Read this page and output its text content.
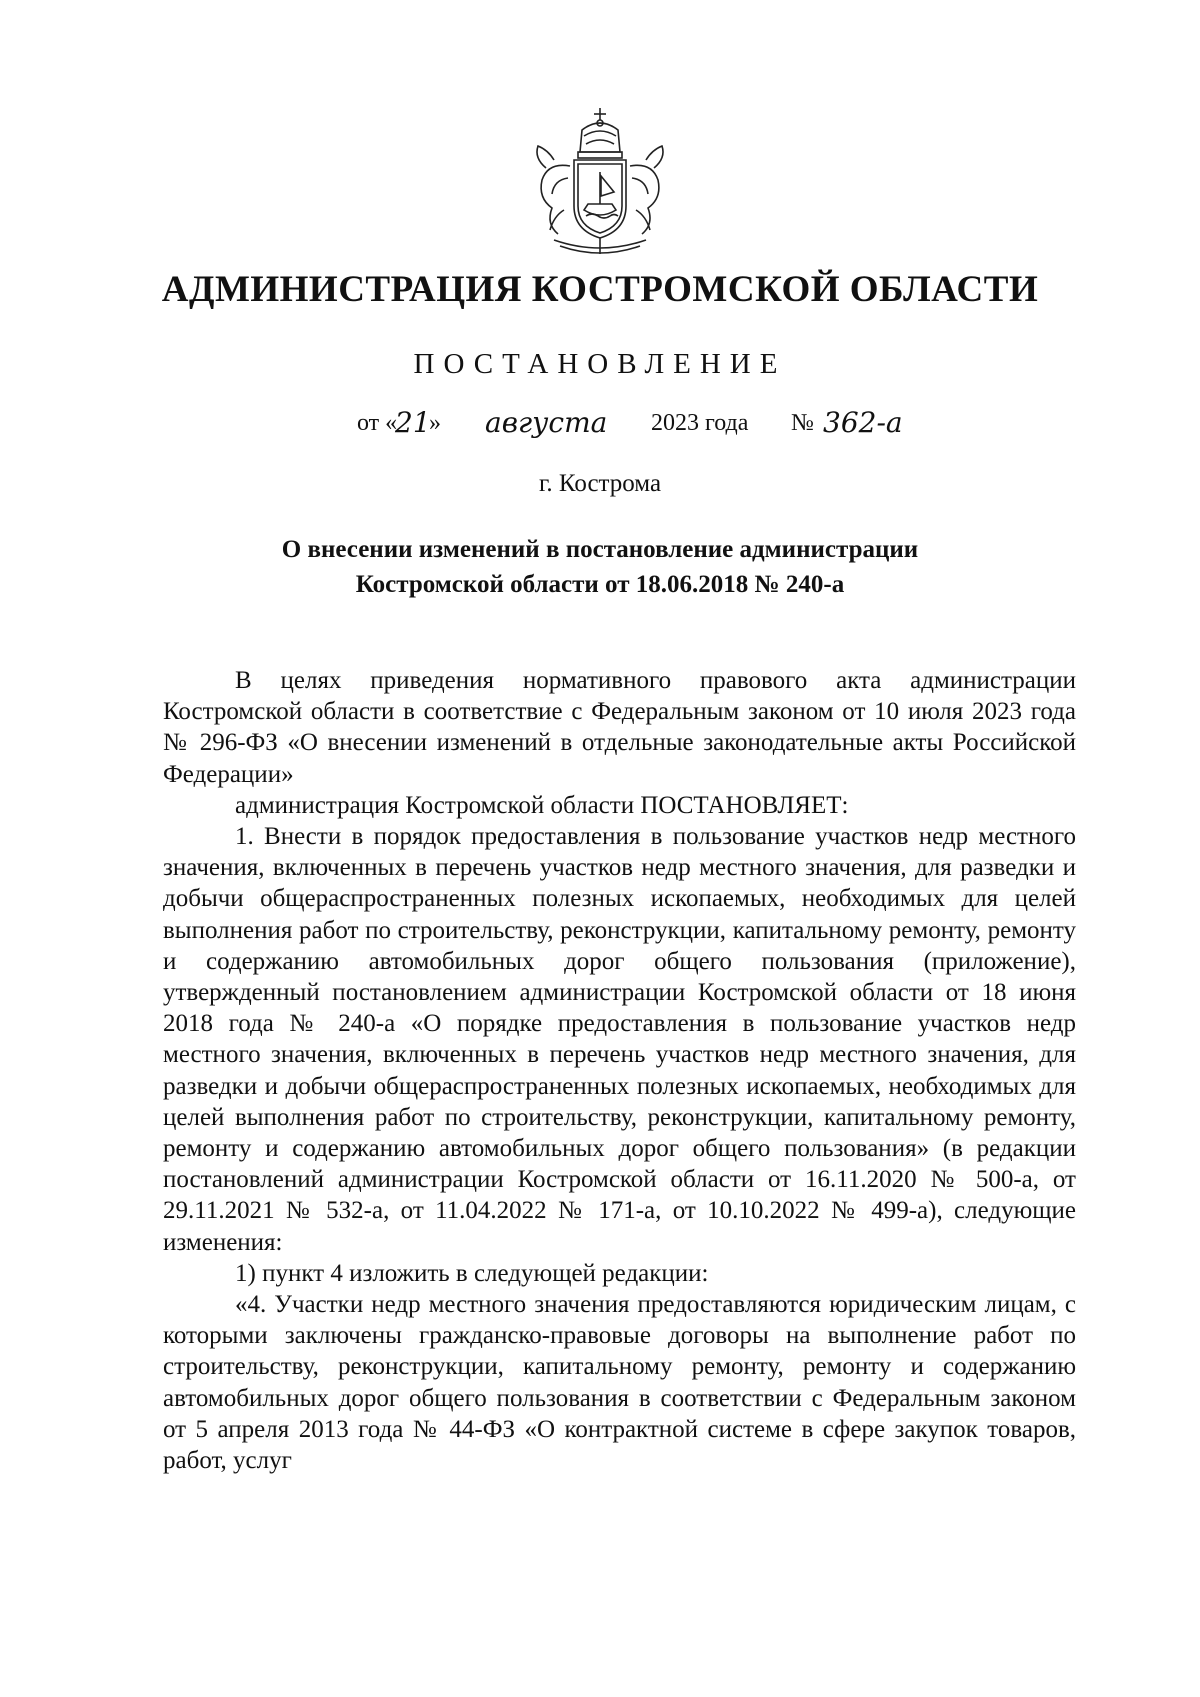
АДМИНИСТРАЦИЯ КОСТРОМСКОЙ ОБЛАСТИ
ПОСТАНОВЛЕНИЕ
от «
21
» августа 2023 года № 362-а
г. Кострома
О внесении изменений в постановление администрации
Костромской области от 18.06.2018 № 240-а

В целях приведения нормативного правового акта администрации Костромской области в соответствие с Федеральным законом от 10 июля 2023 года № 296-ФЗ «О внесении изменений в отдельные законодательные акты Российской Федерации»

администрация Костромской области ПОСТАНОВЛЯЕТ:

1. Внести в порядок предоставления в пользование участков недр местного значения, включенных в перечень участков недр местного значения, для разведки и добычи общераспространенных полезных ископаемых, необходимых для целей выполнения работ по строительству, реконструкции, капитальному ремонту, ремонту и содержанию автомобильных дорог общего пользования (приложение), утвержденный постановлением администрации Костромской области от 18 июня 2018 года № 240-а «О порядке предоставления в пользование участков недр местного значения, включенных в перечень участков недр местного значения, для разведки и добычи общераспространенных полезных ископаемых, необходимых для целей выполнения работ по строительству, реконструкции, капитальному ремонту, ремонту и содержанию автомобильных дорог общего пользования» (в редакции постановлений администрации Костромской области от 16.11.2020 № 500-а, от 29.11.2021 № 532-а, от 11.04.2022 № 171-а, от 10.10.2022 № 499-а), следующие изменения:

1) пункт 4 изложить в следующей редакции:

«4. Участки недр местного значения предоставляются юридическим лицам, с которыми заключены гражданско-правовые договоры на выполнение работ по строительству, реконструкции, капитальному ремонту, ремонту и содержанию автомобильных дорог общего пользования в соответствии с Федеральным законом от 5 апреля 2013 года № 44-ФЗ «О контрактной системе в сфере закупок товаров, работ, услуг
